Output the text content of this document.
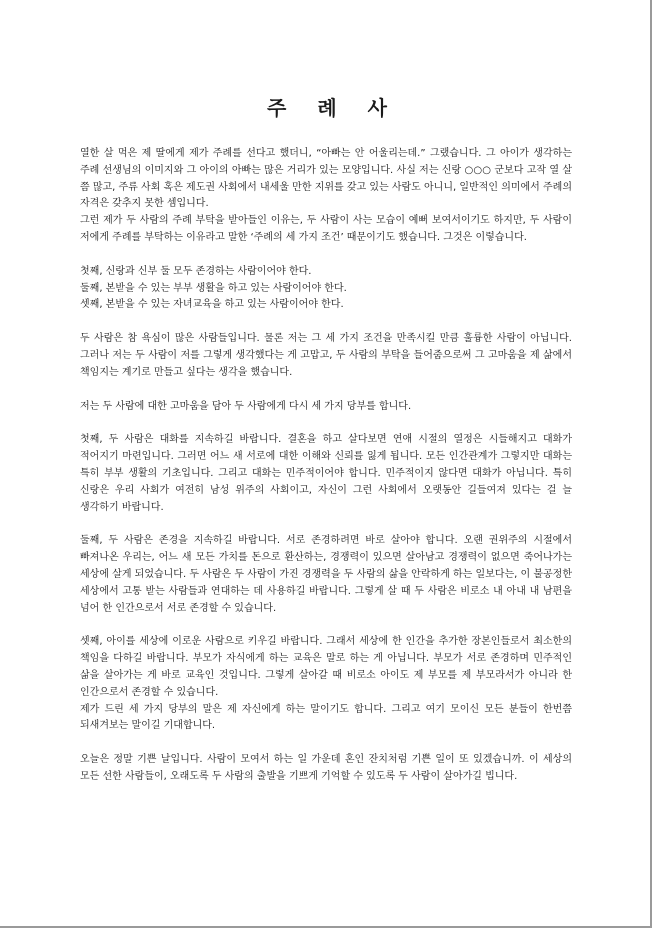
주 례 사

열한 살 먹은 제 딸에게 제가 주례를 선다고 했더니, “아빠는 안 어울리는데.” 그랬습니다. 그 아이가 생각하는 주례 선생님의 이미지와 그 아이의 아빠는 많은 거리가 있는 모양입니다. 사실 저는 신랑 ○○○ 군보다 고작 열 살 쯤 많고, 주류 사회 혹은 제도권 사회에서 내세울 만한 지위를 갖고 있는 사람도 아니니, 일반적인 의미에서 주례의 자격은 갖추지 못한 셈입니다.

그런 제가 두 사람의 주례 부탁을 받아들인 이유는, 두 사람이 사는 모습이 예뻐 보여서이기도 하지만, 두 사람이 저에게 주례를 부탁하는 이유라고 말한 ‘주례의 세 가지 조건’ 때문이기도 했습니다. 그것은 이렇습니다.

첫째, 신랑과 신부 둘 모두 존경하는 사람이어야 한다.

둘째, 본받을 수 있는 부부 생활을 하고 있는 사람이어야 한다.

셋째, 본받을 수 있는 자녀교육을 하고 있는 사람이어야 한다.

두 사람은 참 욕심이 많은 사람들입니다. 물론 저는 그 세 가지 조건을 만족시킬 만큼 훌륭한 사람이 아닙니다. 그러나 저는 두 사람이 저를 그렇게 생각했다는 게 고맙고, 두 사람의 부탁을 들어줌으로써 그 고마움을 제 삶에서 책임지는 계기로 만들고 싶다는 생각을 했습니다.

저는 두 사람에 대한 고마움을 담아 두 사람에게 다시 세 가지 당부를 합니다.

첫째, 두 사람은 대화를 지속하길 바랍니다. 결혼을 하고 살다보면 연애 시절의 열정은 시들해지고 대화가 적어지기 마련입니다. 그러면 어느 새 서로에 대한 이해와 신뢰를 잃게 됩니다. 모든 인간관계가 그렇지만 대화는 특히 부부 생활의 기초입니다. 그리고 대화는 민주적이어야 합니다. 민주적이지 않다면 대화가 아닙니다. 특히 신랑은 우리 사회가 여전히 남성 위주의 사회이고, 자신이 그런 사회에서 오랫동안 길들여져 있다는 걸 늘 생각하기 바랍니다.

둘째, 두 사람은 존경을 지속하길 바랍니다. 서로 존경하려면 바로 살아야 합니다. 오랜 권위주의 시절에서 빠져나온 우리는, 어느 새 모든 가치를 돈으로 환산하는, 경쟁력이 있으면 살아남고 경쟁력이 없으면 죽어나가는 세상에 살게 되었습니다. 두 사람은 두 사람이 가진 경쟁력을 두 사람의 삶을 안락하게 하는 일보다는, 이 불공정한 세상에서 고통 받는 사람들과 연대하는 데 사용하길 바랍니다. 그렇게 살 때 두 사람은 비로소 내 아내 내 남편을 넘어 한 인간으로서 서로 존경할 수 있습니다.

셋째, 아이를 세상에 이로운 사람으로 키우길 바랍니다. 그래서 세상에 한 인간을 추가한 장본인들로서 최소한의 책임을 다하길 바랍니다. 부모가 자식에게 하는 교육은 말로 하는 게 아닙니다. 부모가 서로 존경하며 민주적인 삶을 살아가는 게 바로 교육인 것입니다. 그렇게 살아갈 때 비로소 아이도 제 부모를 제 부모라서가 아니라 한 인간으로서 존경할 수 있습니다.

제가 드린 세 가지 당부의 말은 제 자신에게 하는 말이기도 합니다. 그리고 여기 모이신 모든 분들이 한번쯤 되새겨보는 말이길 기대합니다.

오늘은 정말 기쁜 날입니다. 사람이 모여서 하는 일 가운데 혼인 잔치처럼 기쁜 일이 또 있겠습니까. 이 세상의 모든 선한 사람들이, 오래도록 두 사람의 출발을 기쁘게 기억할 수 있도록 두 사람이 살아가길 빕니다.
